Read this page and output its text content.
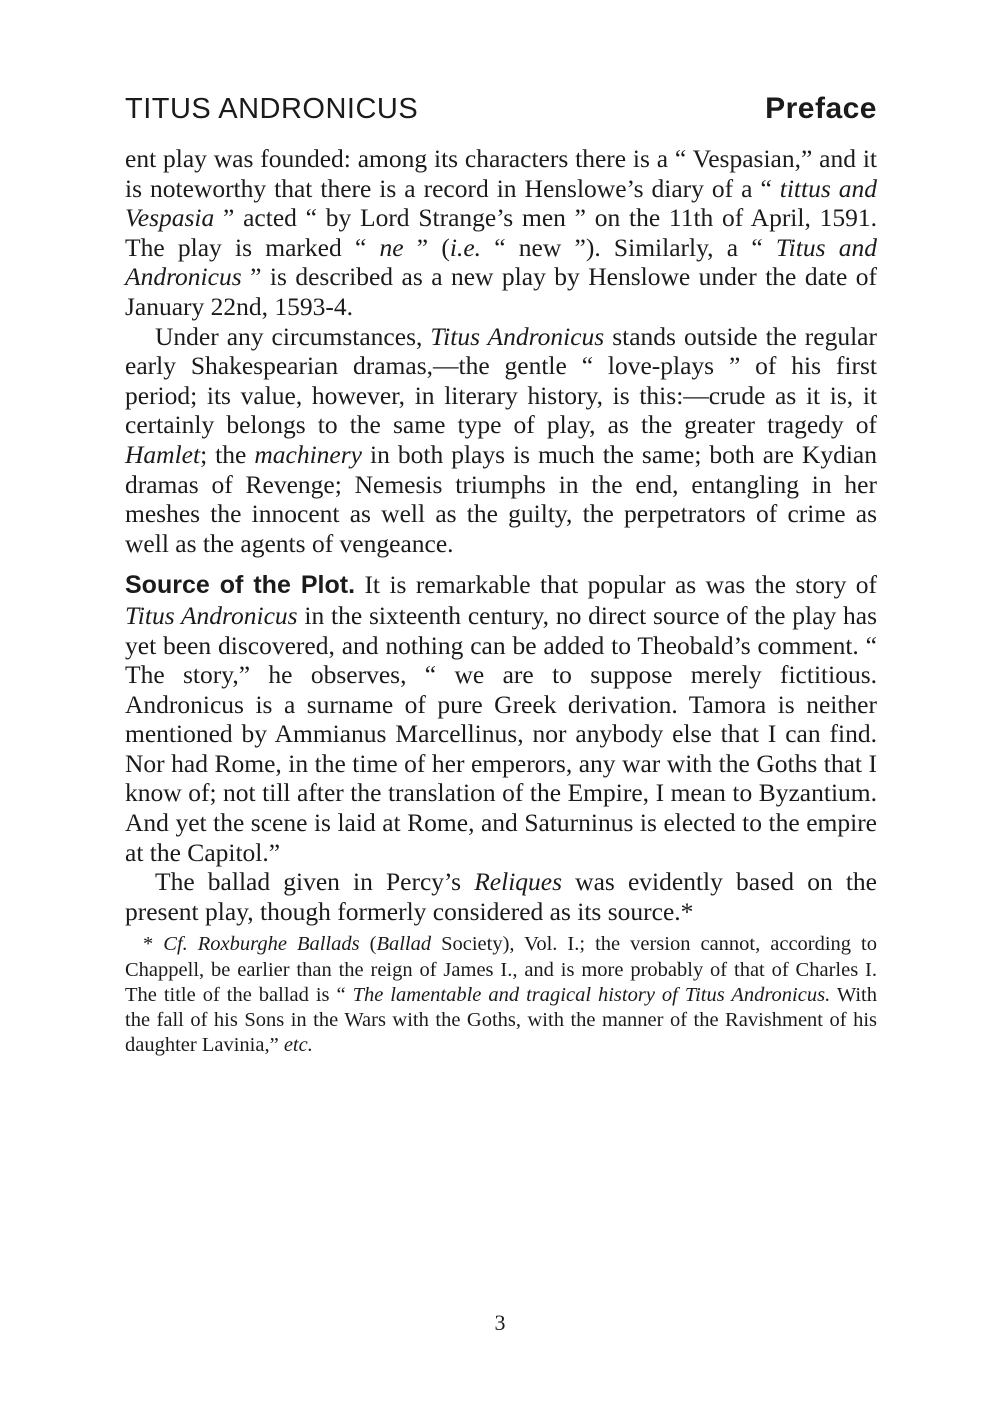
TITUS ANDRONICUS	Preface

ent play was founded: among its characters there is a “ Vespasian,” and it is noteworthy that there is a record in Henslowe’s diary of a “ tittus and Vespasia ” acted “ by Lord Strange’s men ” on the 11th of April, 1591. The play is marked “ ne ” (i.e. “ new ”). Similarly, a “ Titus and Andronicus ” is described as a new play by Henslowe under the date of January 22nd, 1593-4.

Under any circumstances, Titus Andronicus stands outside the regular early Shakespearian dramas,—the gentle “ love-plays ” of his first period; its value, however, in literary history, is this:—crude as it is, it certainly belongs to the same type of play, as the greater tragedy of Hamlet; the machinery in both plays is much the same; both are Kydian dramas of Revenge; Nemesis triumphs in the end, entangling in her meshes the innocent as well as the guilty, the perpetrators of crime as well as the agents of vengeance.

Source of the Plot. It is remarkable that popular as was the story of Titus Andronicus in the sixteenth century, no direct source of the play has yet been discovered, and nothing can be added to Theobald’s comment. “ The story,” he observes, “ we are to suppose merely fictitious. Andronicus is a surname of pure Greek derivation. Tamora is neither mentioned by Ammianus Marcellinus, nor anybody else that I can find. Nor had Rome, in the time of her emperors, any war with the Goths that I know of; not till after the translation of the Empire, I mean to Byzantium. And yet the scene is laid at Rome, and Saturninus is elected to the empire at the Capitol.”

The ballad given in Percy’s Reliques was evidently based on the present play, though formerly considered as its source.*

* Cf. Roxburghe Ballads (Ballad Society), Vol. I.; the version cannot, according to Chappell, be earlier than the reign of James I., and is more probably of that of Charles I. The title of the ballad is “ The lamentable and tragical history of Titus Andronicus. With the fall of his Sons in the Wars with the Goths, with the manner of the Ravishment of his daughter Lavinia,” etc.

3
